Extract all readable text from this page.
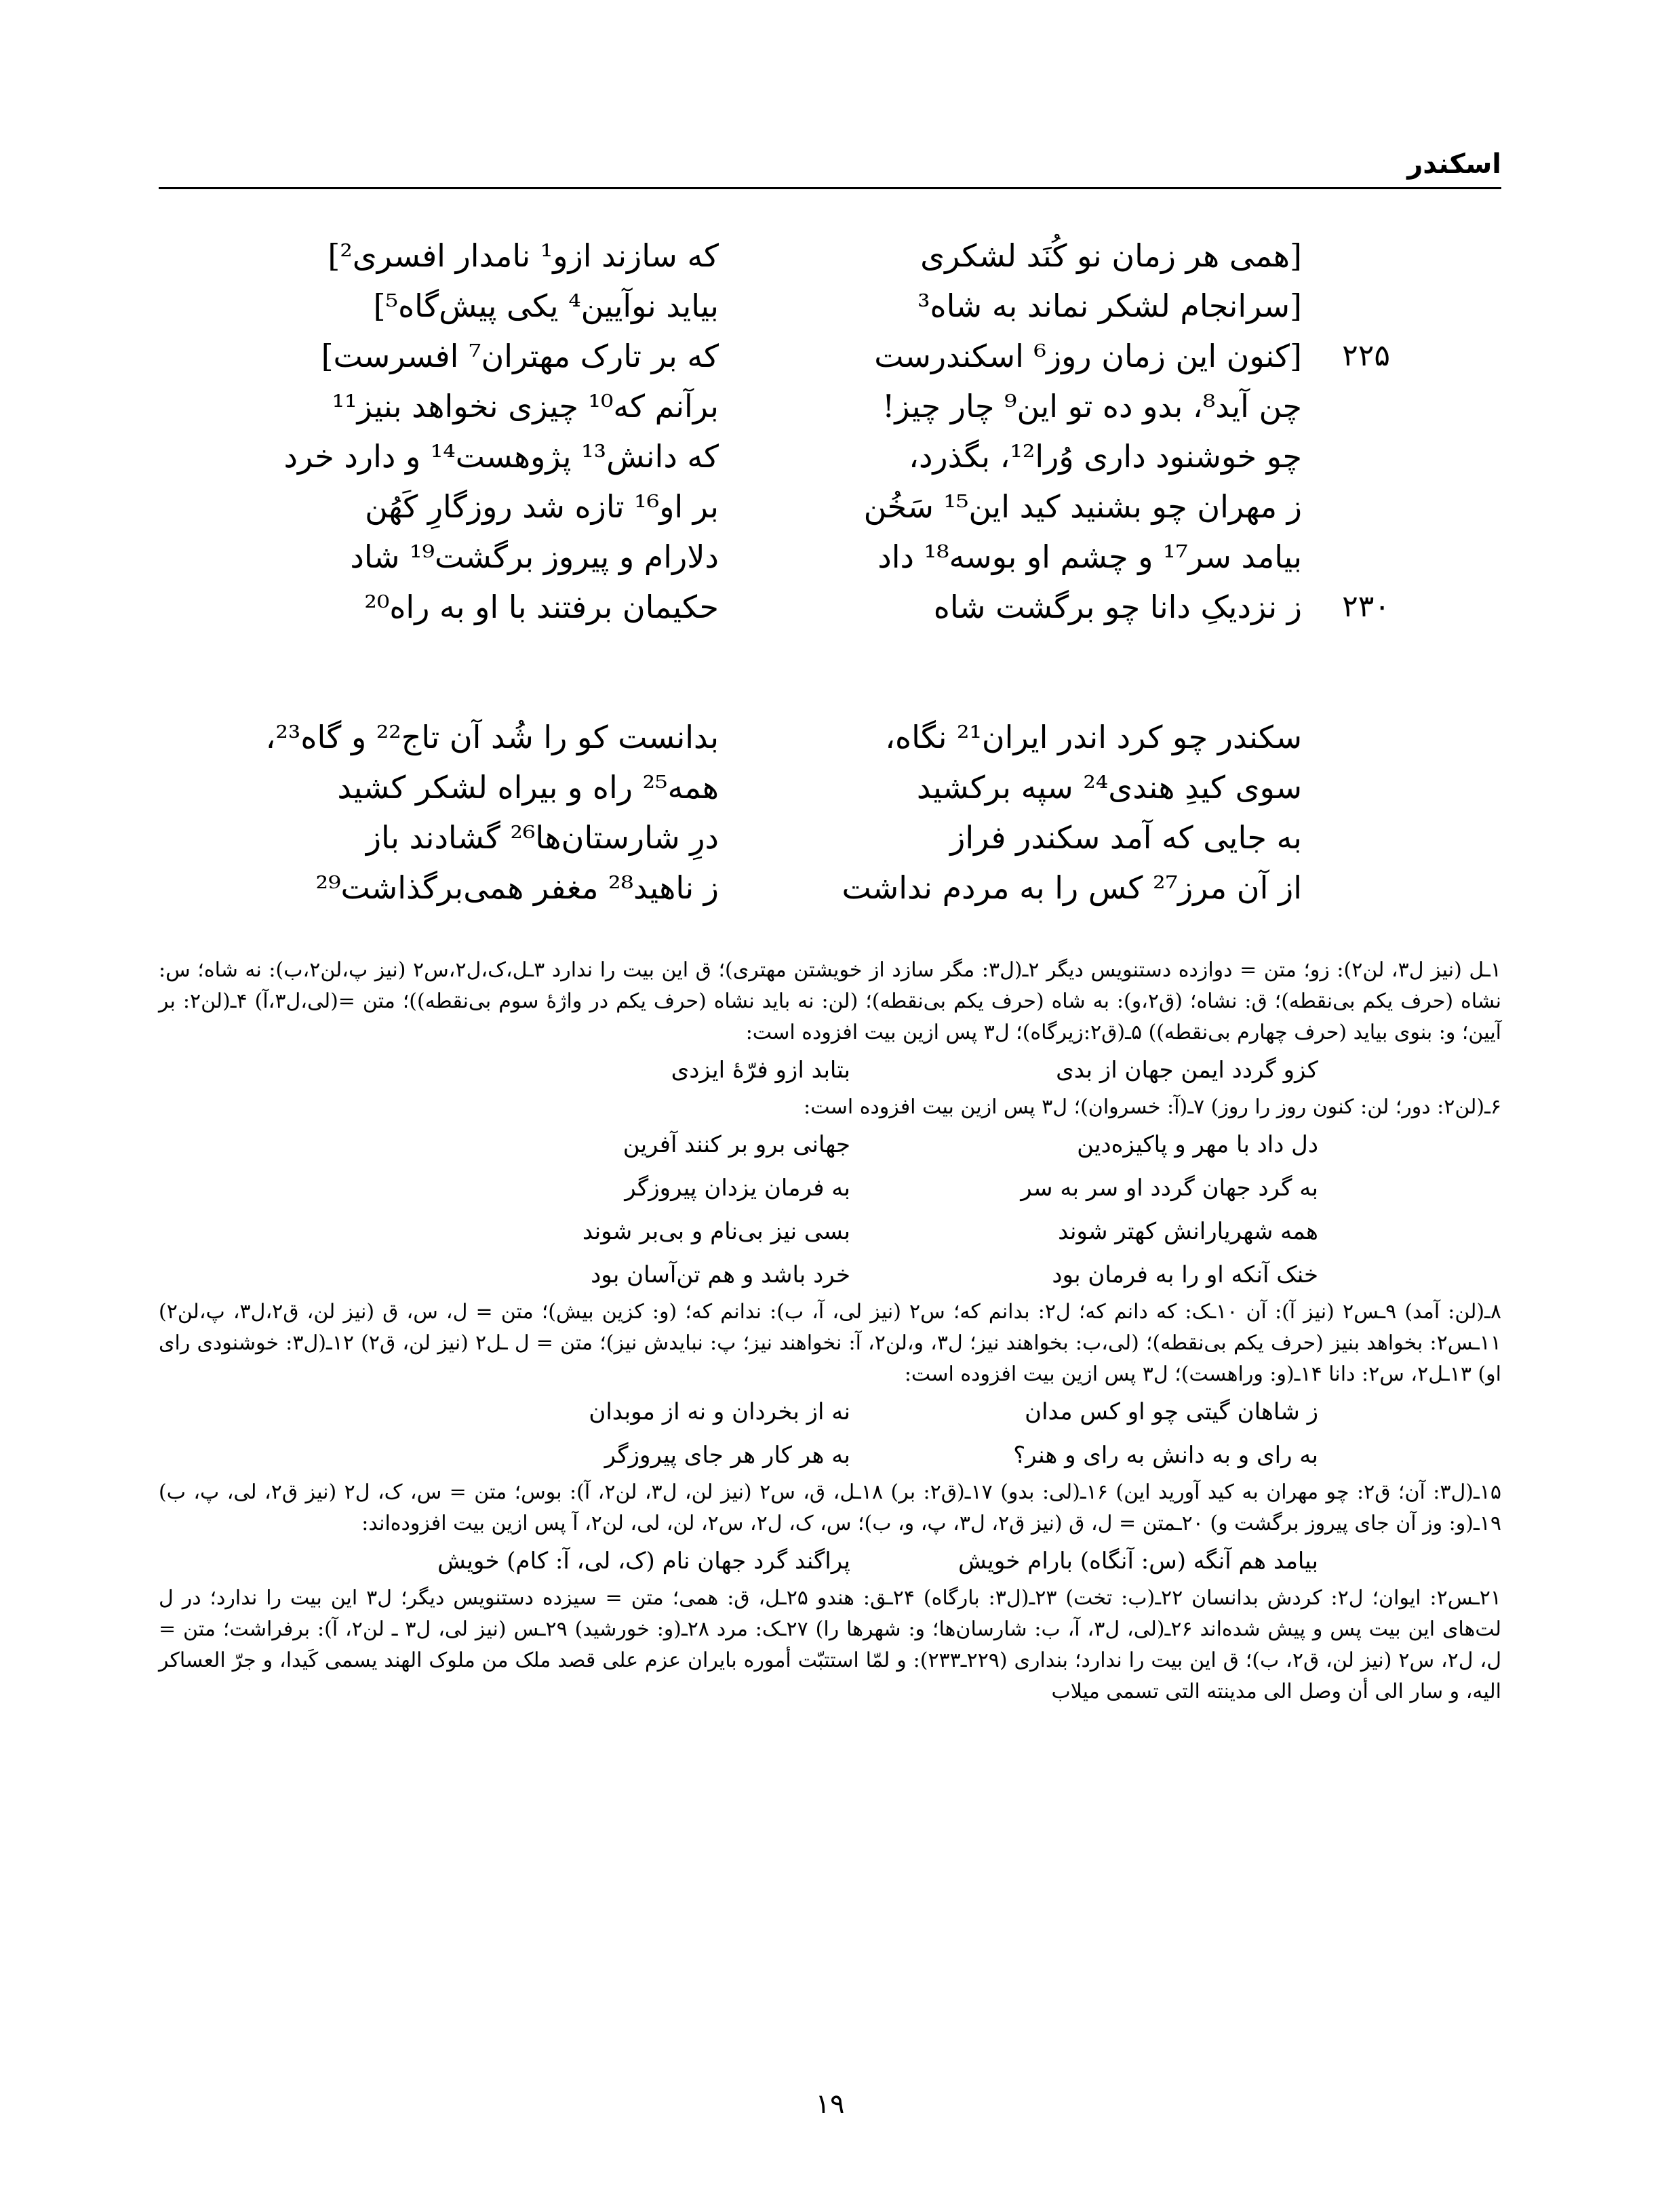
اسکندر
[همی هر زمان نو کُنَد لشکری
که سازند ازو¹ نامدار افسری²]
[سرانجام لشکر نماند به شاه³
بیاید نوآیین⁴ یکی پیش‌گاه⁵]
۲۲۵
[کنون این زمان روز⁶ اسکندرست
که بر تارک مهتران⁷ افسرست]
چن آید⁸، بدو ده تو این⁹ چار چیز!
برآنم که¹⁰ چیزی نخواهد بنیز¹¹
چو خوشنود داری وُرا¹²، بگذرد،
که دانش¹³ پژوهست¹⁴ و دارد خرد
ز مهران چو بشنید کید این¹⁵ سَخُن
بر او¹⁶ تازه شد روزگارِ کَهُن
بیامد سر¹⁷ و چشم او بوسه¹⁸ داد
دلارام و پیروز برگشت¹⁹ شاد
۲۳۰
ز نزدیکِ دانا چو برگشت شاه
حکیمان برفتند با او به راه²⁰
سکندر چو کرد اندر ایران²¹ نگاه،
بدانست کو را شُد آن تاج²² و گاه²³،
سوی کیدِ هندی²⁴ سپه برکشید
همه²⁵ راه و بیراه لشکر کشید
به جایی که آمد سکندر فراز
درِ شارستان‌ها²⁶ گشادند باز
از آن مرز²⁷ کس را به مردم نداشت
ز ناهید²⁸ مغفر همی‌برگذاشت²⁹

۱ـل (نیز ل۳، لن۲): زو؛ متن = دوازده دستنویس دیگر ۲ـ(ل۳: مگر سازد از خویشتن مهتری)؛ ق این بیت را ندارد ۳ـل،ک،ل۲،س۲ (نیز پ،لن۲،ب): نه شاه؛ س: نشاه (حرف یکم بی‌نقطه)؛ ق: نشاه؛ (ق۲،و): به شاه (حرف یکم بی‌نقطه)؛ (لن: نه باید نشاه (حرف یکم در واژهٔ سوم بی‌نقطه))؛ متن =(لی،ل۳،آ) ۴ـ(لن۲: بر آیین؛ و: بنوی بیاید (حرف چهارم بی‌نقطه)) ۵ـ(ق۲:زیرگاه)؛ ل۳ پس ازین بیت افزوده است:

کزو گردد ایمن جهان از بدی
بتابد ازو فرّهٔ ایزدی

۶ـ(لن۲: دور؛ لن: کنون روز را روز) ۷ـ(آ: خسروان)؛ ل۳ پس ازین بیت افزوده است:

دل داد با مهر و پاکیزه‌دین
جهانی برو بر کنند آفرین
به گرد جهان گردد او سر به سر
به فرمان یزدان پیروزگر
همه شهریارانش کهتر شوند
بسی نیز بی‌نام و بی‌بر شوند
خنک آنکه او را به فرمان بود
خرد باشد و هم تن‌آسان بود

۸ـ(لن: آمد) ۹ـس۲ (نیز آ): آن ۱۰ـک: که دانم که؛ ل۲: بدانم که؛ س۲ (نیز لی، آ، ب): ندانم که؛ (و: کزین بیش)؛ متن = ل، س، ق (نیز لن، ق۲،ل۳، پ،لن۲) ۱۱ـس۲: بخواهد بنیز (حرف یکم بی‌نقطه)؛ (لی،ب: بخواهند نیز؛ ل۳، و،لن۲، آ: نخواهند نیز؛ پ: نبایدش نیز)؛ متن = ل ـل۲ (نیز لن، ق۲) ۱۲ـ(ل۳: خوشنودی رای او) ۱۳ـل۲، س۲: دانا ۱۴ـ(و: وراهست)؛ ل۳ پس ازین بیت افزوده است:

ز شاهان گیتی چو او کس مدان
نه از بخردان و نه از موبدان
به رای و به دانش به رای و هنر؟
به هر کار هر جای پیروزگر

۱۵ـ(ل۳: آن؛ ق۲: چو مهران به کید آورید این) ۱۶ـ(لی: بدو) ۱۷ـ(ق۲: بر) ۱۸ـل، ق، س۲ (نیز لن، ل۳، لن۲، آ): بوس؛ متن = س، ک، ل۲ (نیز ق۲، لی، پ، ب) ۱۹ـ(و: وز آن جای پیروز برگشت و) ۲۰ـمتن = ل، ق (نیز ق۲، ل۳، پ، و، ب)؛ س، ک، ل۲، س۲، لن، لی، لن۲، آ پس ازین بیت افزوده‌اند:

بیامد هم آنگه (س: آنگاه) بارام خویش
پراگند گرد جهان نام (ک، لی، آ: کام) خویش

۲۱ـس۲: ایوان؛ ل۲: کردش بدانسان ۲۲ـ(ب: تخت) ۲۳ـ(ل۳: بارگاه) ۲۴ـق: هندو ۲۵ـل، ق: همی؛ متن = سیزده دستنویس دیگر؛ ل۳ این بیت را ندارد؛ در ل لت‌های این بیت پس و پیش شده‌اند ۲۶ـ(لی، ل۳، آ، ب: شارسان‌ها؛ و: شهرها را) ۲۷ـک: مرد ۲۸ـ(و: خورشید) ۲۹ـس (نیز لی، ل۳ ـ لن۲، آ): برفراشت؛ متن = ل، ل۲، س۲ (نیز لن، ق۲، ب)؛ ق این بیت را ندارد؛ بنداری (۲۲۹ـ۲۳۳): و لمّا استتبّت أموره بایران عزم علی قصد ملک من ملوک الهند یسمی کَیدا، و جرّ العساکر الیه، و سار الی أن وصل الی مدینته التی تسمی میلاب

۱۹
